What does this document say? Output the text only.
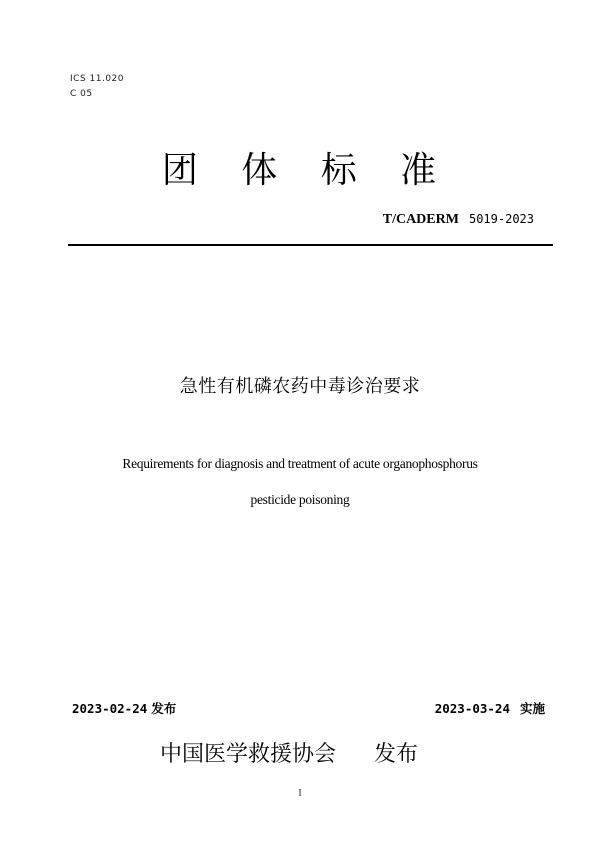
ICS 11.020
C 05
团 体 标 准
T/CADERM 5019-2023
急性有机磷农药中毒诊治要求
Requirements for diagnosis and treatment of acute organophosphorus
pesticide poisoning
2023-02-24 发布	2023-03-24 实施
中国医学救援协会 发布
I
